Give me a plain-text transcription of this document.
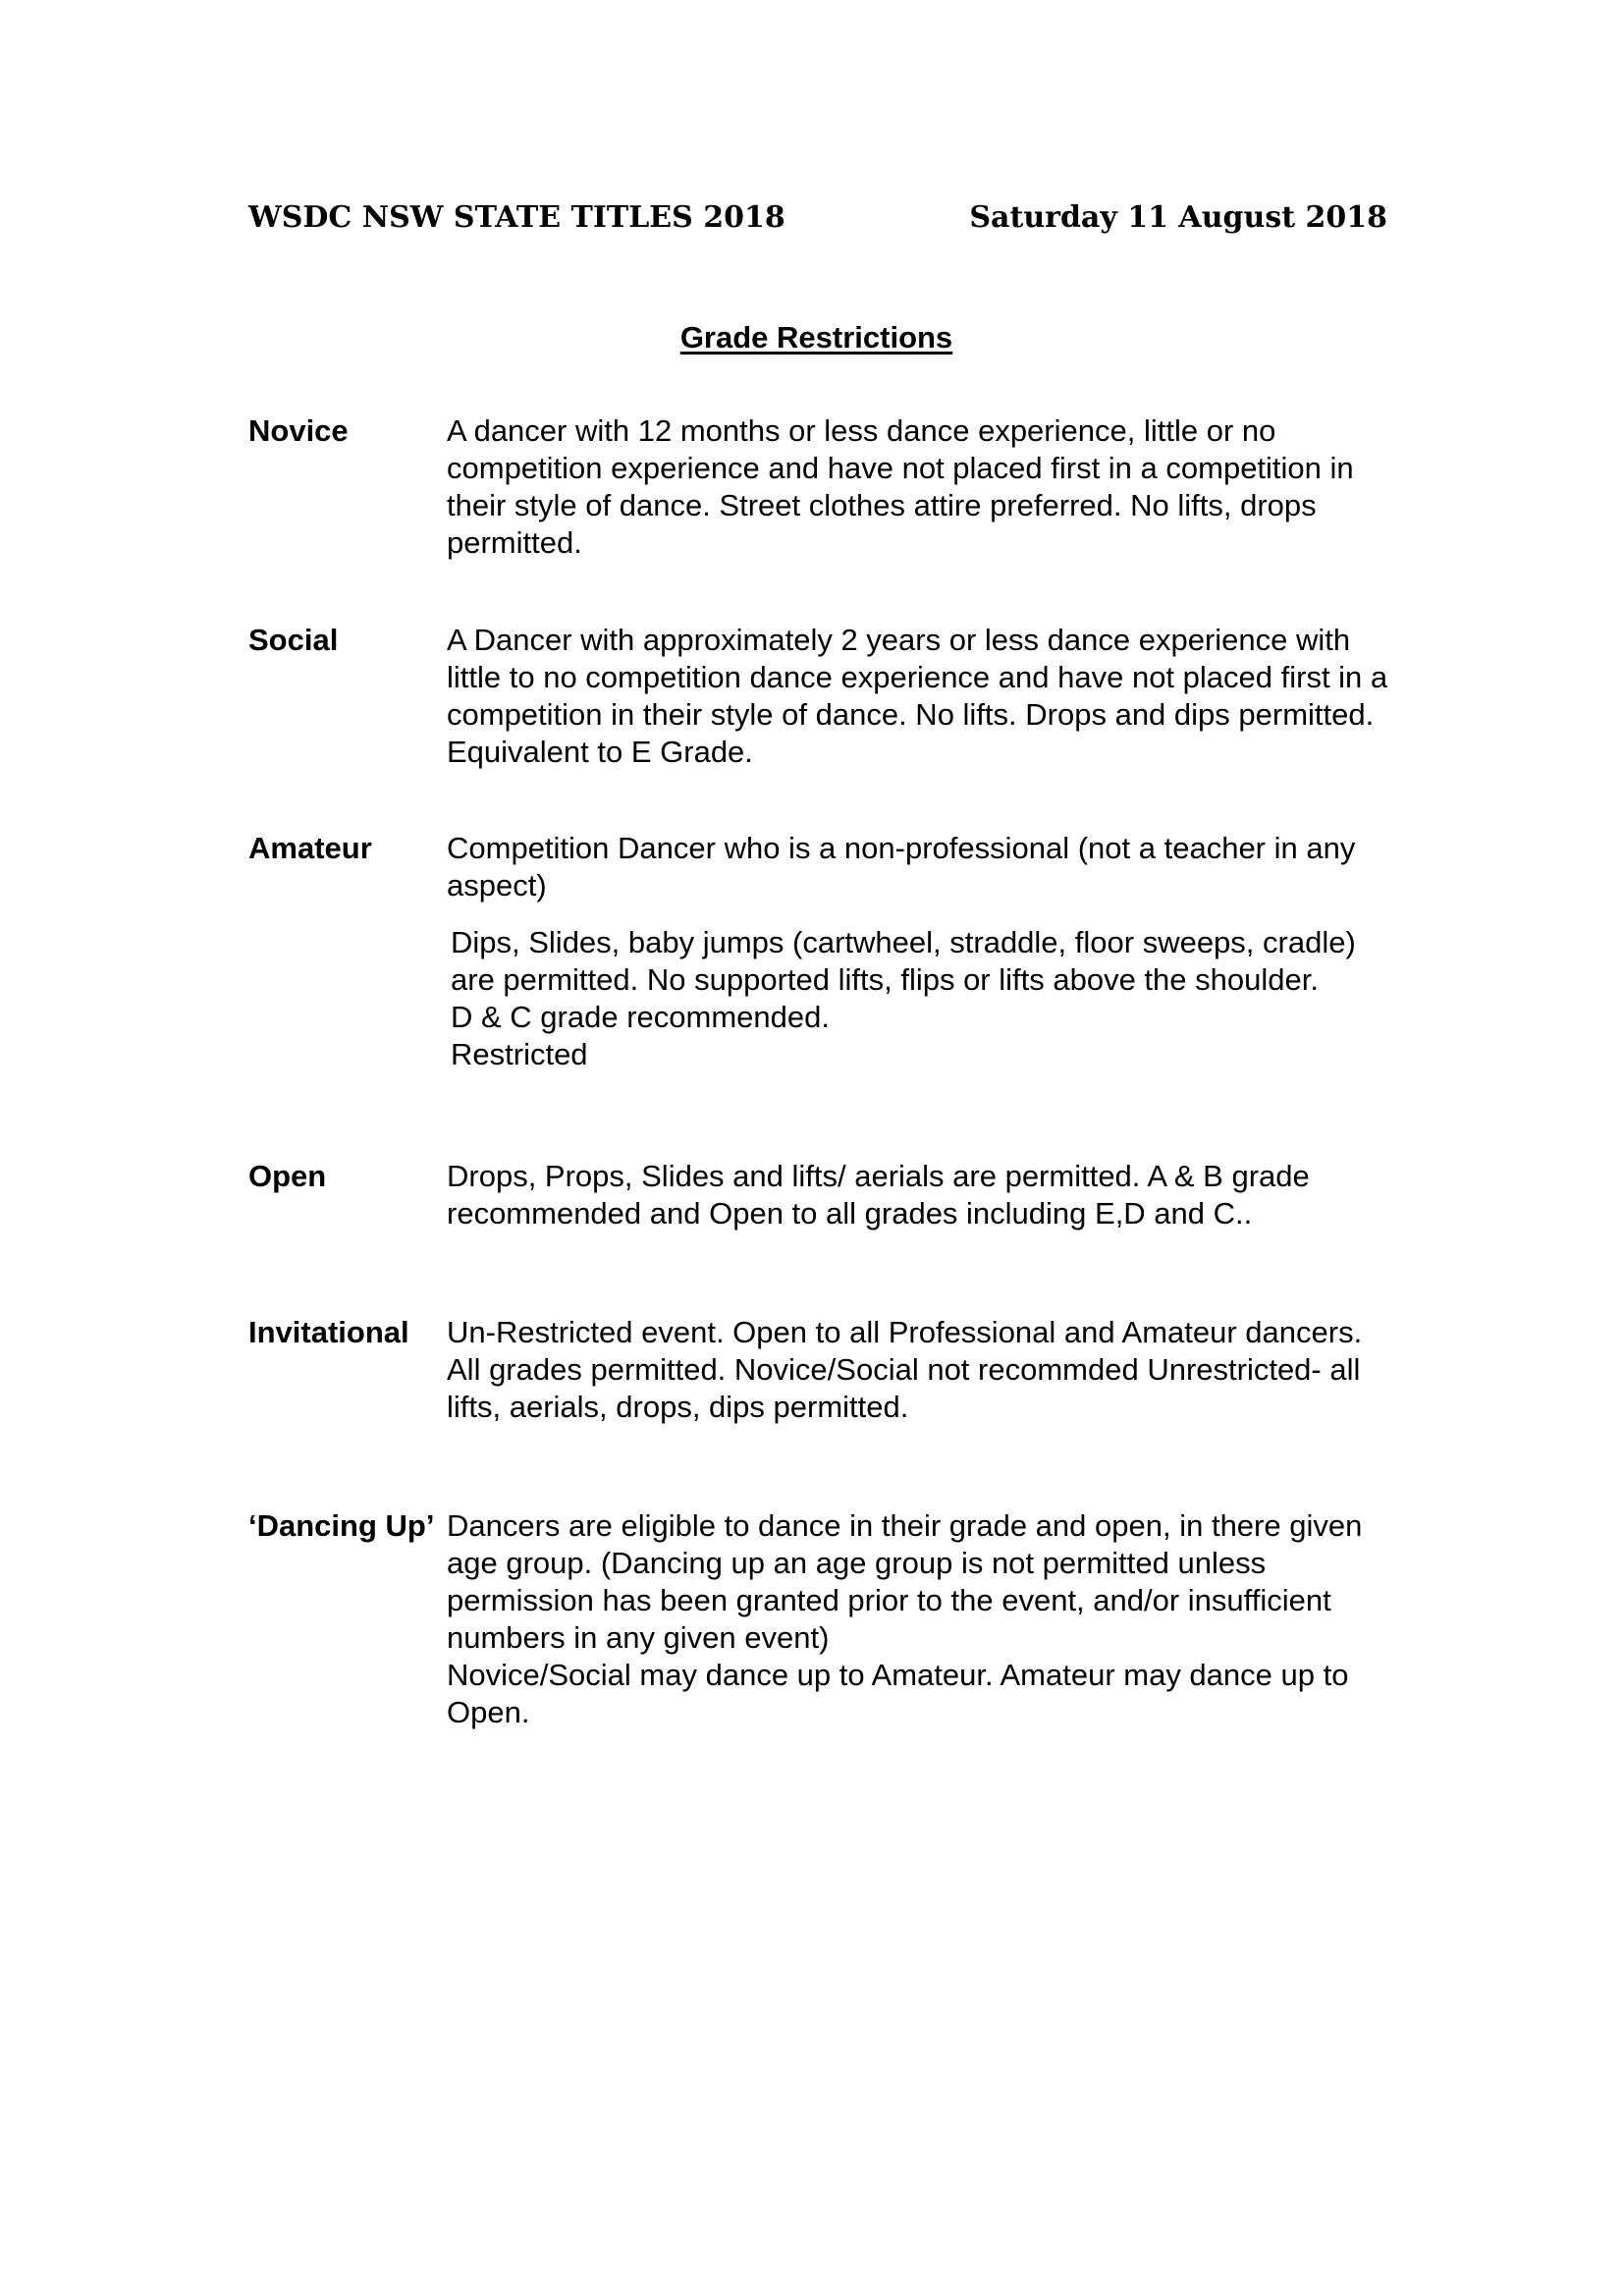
WSDC NSW STATE TITLES 2018	Saturday 11 August 2018
Grade Restrictions
Novice	A dancer with 12 months or less dance experience, little or no
competition experience and have not placed first in a competition in
their style of dance. Street clothes attire preferred. No lifts, drops
permitted.

Social	A Dancer with approximately 2 years or less dance experience with
little to no competition dance experience and have not placed first in a
competition in their style of dance. No lifts. Drops and dips permitted.
Equivalent to E Grade.

Amateur Competition Dancer who is a non-professional (not a teacher in any
aspect)

Dips, Slides, baby jumps (cartwheel, straddle, floor sweeps, cradle)
are permitted. No supported lifts, flips or lifts above the shoulder.
D & C grade recommended.
Restricted

Open	Drops, Props, Slides and lifts/ aerials are permitted. A & B grade
recommended and Open to all grades including E,D and C..

Invitational Un-Restricted event. Open to all Professional and Amateur dancers.
All grades permitted. Novice/Social not recommded Unrestricted- all
lifts, aerials, drops, dips permitted.

‘Dancing Up’ Dancers are eligible to dance in their grade and open, in there given
age group. (Dancing up an age group is not permitted unless
permission has been granted prior to the event, and/or insufficient
numbers in any given event)
Novice/Social may dance up to Amateur. Amateur may dance up to
Open.
